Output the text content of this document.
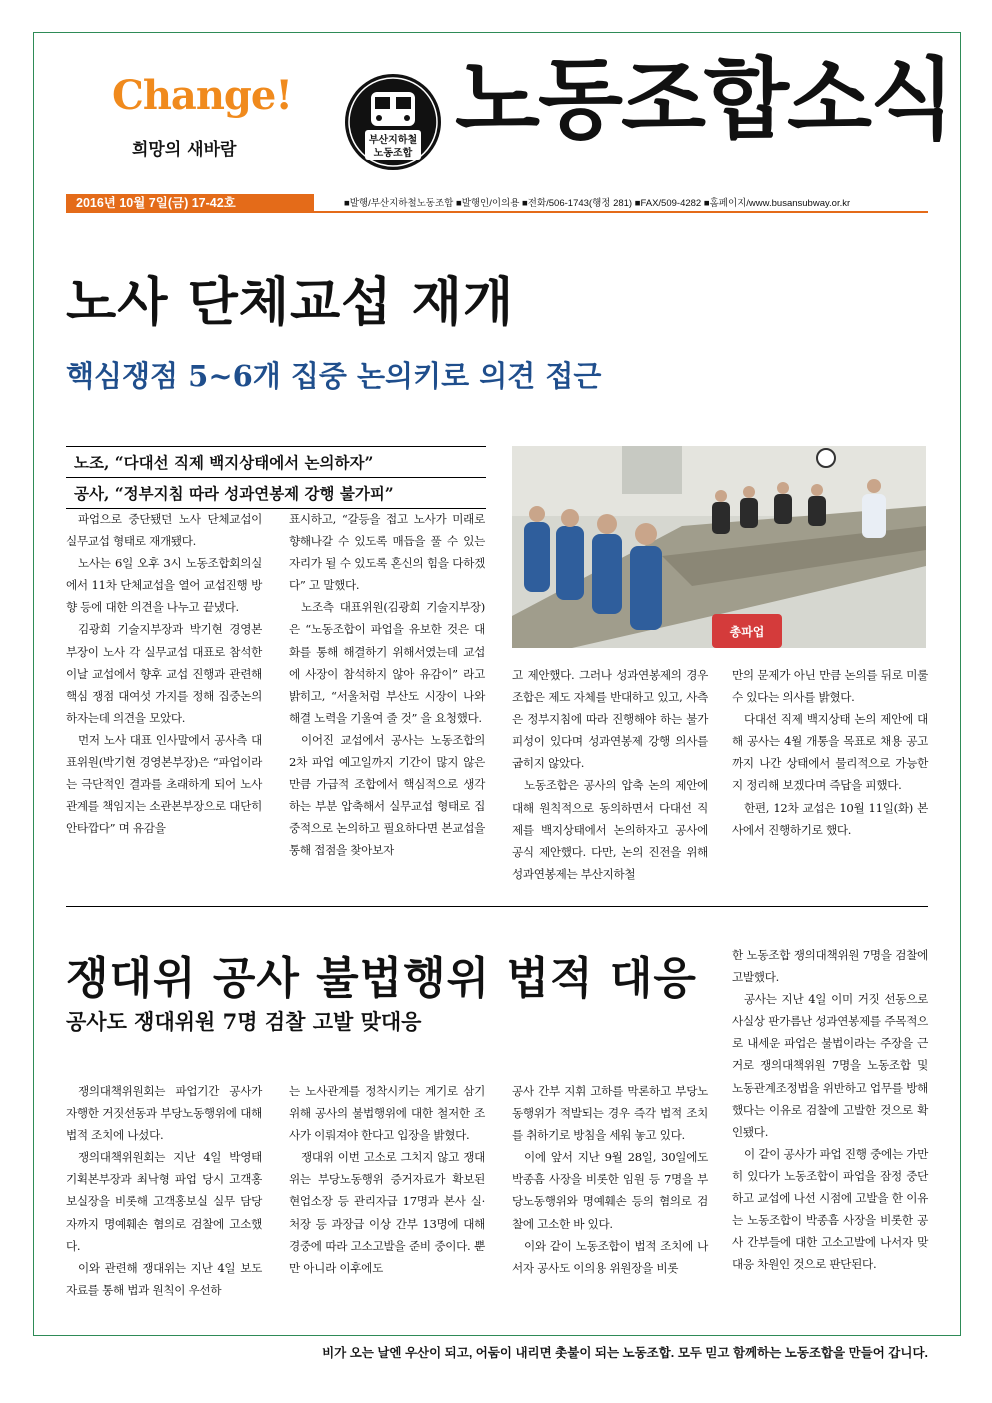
Change!
희망의 새바람	부산지하철
노동조합
노동조합소식
2016년 10월 7일(금) 17-42호	■발행/부산지하철노동조합 ■발행인/이의용 ■전화/506-1743(행정 281) ■FAX/509-4282 ■홈페이지/www.busansubway.or.kr
노사 단체교섭 재개
핵심쟁점 5~6개 집중 논의키로 의견 접근
노조, “다대선 직제 백지상태에서 논의하자”
공사, “정부지침 따라 성과연봉제 강행 불가피”
총파업

파업으로 중단됐던 노사 단체교섭이 실무교섭 형태로 재개됐다.

노사는 6일 오후 3시 노동조합회의실에서 11차 단체교섭을 열어 교섭진행 방향 등에 대한 의견을 나누고 끝냈다.

김광희 기술지부장과 박기현 경영본부장이 노사 각 실무교섭 대표로 참석한 이날 교섭에서 향후 교섭 진행과 관련해 핵심 쟁점 대여섯 가지를 정해 집중논의하자는데 의견을 모았다.

먼저 노사 대표 인사말에서 공사측 대표위원(박기현 경영본부장)은 “파업이라는 극단적인 결과를 초래하게 되어 노사관계를 책임지는 소관본부장으로 대단히 안타깝다” 며 유감을

표시하고, “갈등을 접고 노사가 미래로 향해나갈 수 있도록 매듭을 풀 수 있는 자리가 될 수 있도록 혼신의 힘을 다하겠다” 고 말했다.

노조측 대표위원(김광희 기술지부장)은 “노동조합이 파업을 유보한 것은 대화를 통해 해결하기 위해서였는데 교섭에 사장이 참석하지 않아 유감이” 라고 밝히고, “서울처럼 부산도 시장이 나와 해결 노력을 기울여 줄 것” 을 요청했다.

이어진 교섭에서 공사는 노동조합의 2차 파업 예고일까지 기간이 많지 않은 만큼 가급적 조합에서 핵심적으로 생각하는 부분 압축해서 실무교섭 형태로 집중적으로 논의하고 필요하다면 본교섭을 통해 접점을 찾아보자

고 제안했다. 그러나 성과연봉제의 경우 조합은 제도 자체를 반대하고 있고, 사측은 정부지침에 따라 진행해야 하는 불가피성이 있다며 성과연봉제 강행 의사를 굽히지 않았다.

노동조합은 공사의 압축 논의 제안에 대해 원칙적으로 동의하면서 다대선 직제를 백지상태에서 논의하자고 공사에 공식 제안했다. 다만, 논의 진전을 위해 성과연봉제는 부산지하철

만의 문제가 아닌 만큼 논의를 뒤로 미룰 수 있다는 의사를 밝혔다.

다대선 직제 백지상태 논의 제안에 대해 공사는 4월 개통을 목표로 채용 공고까지 나간 상태에서 물리적으로 가능한지 정리해 보겠다며 즉답을 피했다.

한편, 12차 교섭은 10월 11일(화) 본사에서 진행하기로 했다.

쟁대위 공사 불법행위 법적 대응
공사도 쟁대위원 7명 검찰 고발 맞대응

쟁의대책위원회는 파업기간 공사가 자행한 거짓선동과 부당노동행위에 대해 법적 조치에 나섰다.

쟁의대책위원회는 지난 4일 박영태 기획본부장과 최낙형 파업 당시 고객홍보실장을 비롯해 고객홍보실 실무 담당자까지 명예훼손 혐의로 검찰에 고소했다.

이와 관련해 쟁대위는 지난 4일 보도자료를 통해 법과 원칙이 우선하

는 노사관계를 정착시키는 계기로 삼기 위해 공사의 불법행위에 대한 철저한 조사가 이뤄져야 한다고 입장을 밝혔다.

쟁대위 이번 고소로 그치지 않고 쟁대위는 부당노동행위 증거자료가 확보된 현업소장 등 관리자급 17명과 본사 실·처장 등 과장급 이상 간부 13명에 대해 경중에 따라 고소고발을 준비 중이다. 뿐만 아니라 이후에도

공사 간부 지휘 고하를 막론하고 부당노동행위가 적발되는 경우 즉각 법적 조치를 취하기로 방침을 세워 놓고 있다.

이에 앞서 지난 9월 28일, 30일에도 박종흠 사장을 비롯한 임원 등 7명을 부당노동행위와 명예훼손 등의 혐의로 검찰에 고소한 바 있다.

이와 같이 노동조합이 법적 조치에 나서자 공사도 이의용 위원장을 비롯

한 노동조합 쟁의대책위원 7명을 검찰에 고발했다.

공사는 지난 4일 이미 거짓 선동으로 사실상 판가름난 성과연봉제를 주목적으로 내세운 파업은 불법이라는 주장을 근거로 쟁의대책위원 7명을 노동조합 및 노동관계조정법을 위반하고 업무를 방해했다는 이유로 검찰에 고발한 것으로 확인됐다.

이 같이 공사가 파업 진행 중에는 가만히 있다가 노동조합이 파업을 잠정 중단하고 교섭에 나선 시점에 고발을 한 이유는 노동조합이 박종흠 사장을 비롯한 공사 간부들에 대한 고소고발에 나서자 맞대응 차원인 것으로 판단된다.

비가 오는 날엔 우산이 되고, 어둠이 내리면 촛불이 되는 노동조합. 모두 믿고 함께하는 노동조합을 만들어 갑니다.
